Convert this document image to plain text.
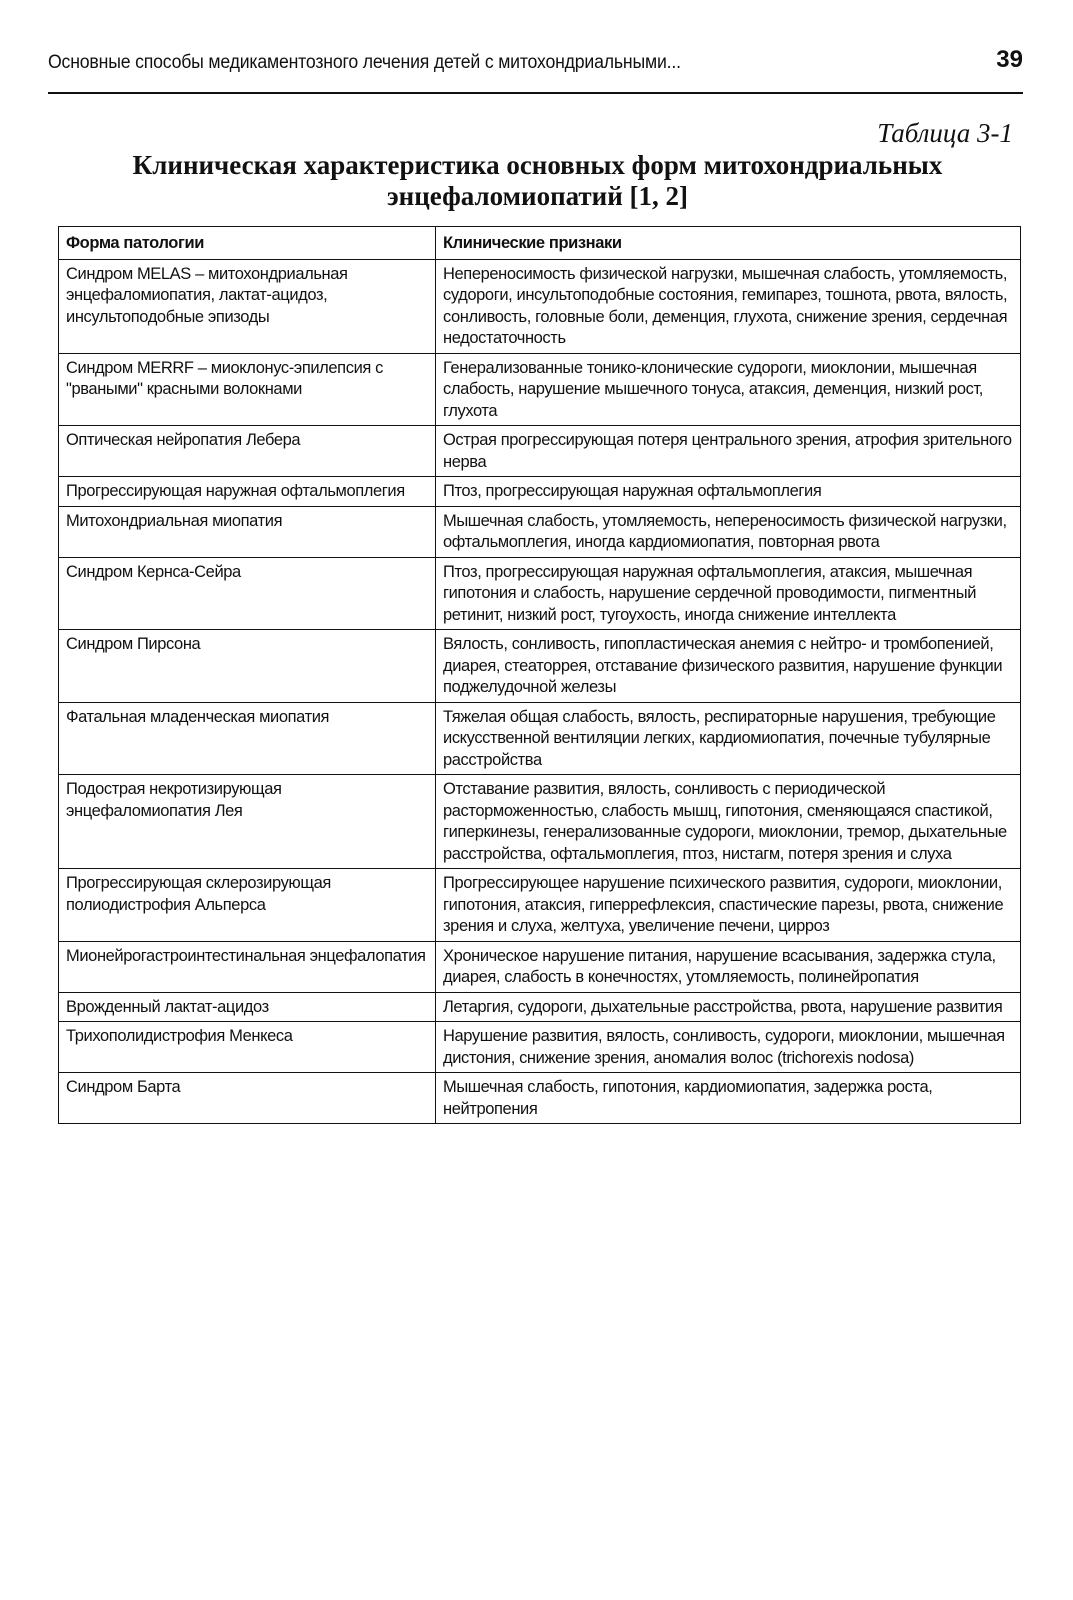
Основные способы медикаментозного лечения детей с митохондриальными...	39
Таблица 3-1
Клиническая характеристика основных форм митохондриальных энцефаломиопатий [1, 2]
Форма патологии	Клинические признаки
Синдром MELAS – митохондриальная энцефаломиопатия, лактат-ацидоз, инсультоподобные эпизоды	Непереносимость физической нагрузки, мышечная слабость, утомляемость, судороги, инсультоподобные состояния, гемипарез, тошнота, рвота, вялость, сонливость, головные боли, деменция, глухота, снижение зрения, сердечная недостаточность
Синдром MERRF – миоклонус-эпилепсия с "рваными" красными волокнами	Генерализованные тонико-клонические судороги, миоклонии, мышечная слабость, нарушение мышечного тонуса, атаксия, деменция, низкий рост, глухота
Оптическая нейропатия Лебера	Острая прогрессирующая потеря центрального зрения, атрофия зрительного нерва
Прогрессирующая наружная офтальмоплегия	Птоз, прогрессирующая наружная офтальмоплегия
Митохондриальная миопатия	Мышечная слабость, утомляемость, непереносимость физической нагрузки, офтальмоплегия, иногда кардиомиопатия, повторная рвота
Синдром Кернса-Сейра	Птоз, прогрессирующая наружная офтальмоплегия, атаксия, мышечная гипотония и слабость, нарушение сердечной проводимости, пигментный ретинит, низкий рост, тугоухость, иногда снижение интеллекта
Синдром Пирсона	Вялость, сонливость, гипопластическая анемия с нейтро- и тромбопенией, диарея, стеаторрея, отставание физического развития, нарушение функции поджелудочной железы
Фатальная младенческая миопатия	Тяжелая общая слабость, вялость, респираторные нарушения, требующие искусственной вентиляции легких, кардиомиопатия, почечные тубулярные расстройства
Подострая некротизирующая энцефаломиопатия Лея	Отставание развития, вялость, сонливость с периодической расторможенностью, слабость мышц, гипотония, сменяющаяся спастикой, гиперкинезы, генерализованные судороги, миоклонии, тремор, дыхательные расстройства, офтальмоплегия, птоз, нистагм, потеря зрения и слуха
Прогрессирующая склерозирующая полиодистрофия Альперса	Прогрессирующее нарушение психического развития, судороги, миоклонии, гипотония, атаксия, гиперрефлексия, спастические парезы, рвота, снижение зрения и слуха, желтуха, увеличение печени, цирроз
Мионейрогастроинтестинальная энцефалопатия	Хроническое нарушение питания, нарушение всасывания, задержка стула, диарея, слабость в конечностях, утомляемость, полинейропатия
Врожденный лактат-ацидоз	Летаргия, судороги, дыхательные расстройства, рвота, нарушение развития
Трихополидистрофия Менкеса	Нарушение развития, вялость, сонливость, судороги, миоклонии, мышечная дистония, снижение зрения, аномалия волос (trichorexis nodosa)
Синдром Барта	Мышечная слабость, гипотония, кардиомиопатия, задержка роста, нейтропения
